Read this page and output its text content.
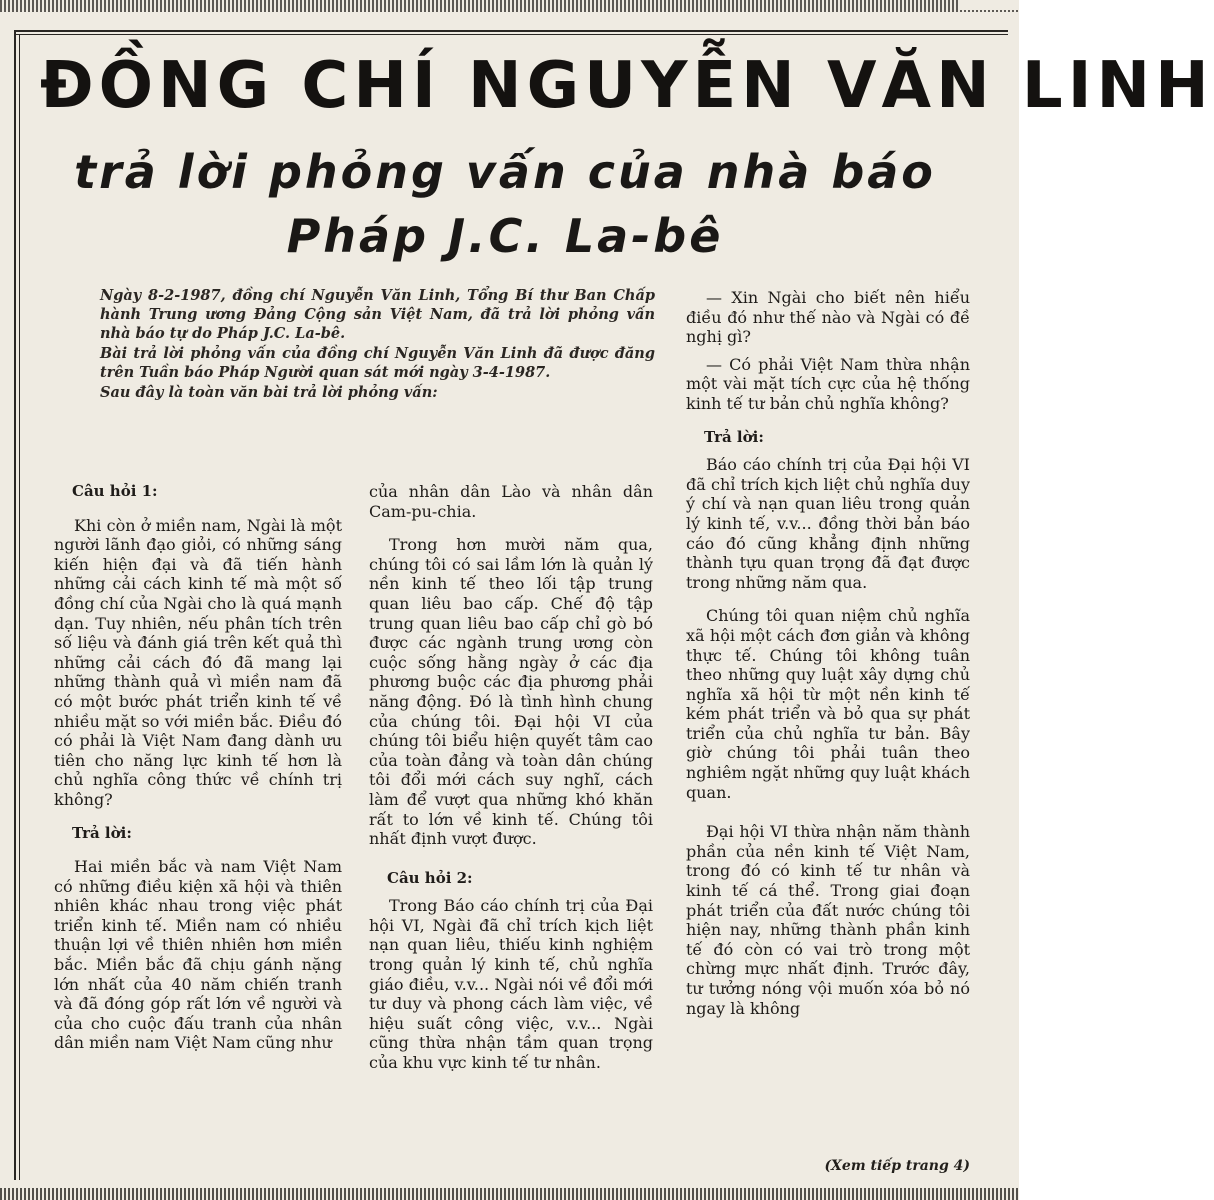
ĐỒNG CHÍ NGUYỄN VĂN LINH
trả lời phỏng vấn của nhà báo Pháp J.C. La-bê

Ngày 8-2-1987, đồng chí Nguyễn Văn Linh, Tổng Bí thư Ban Chấp hành Trung ương Đảng Cộng sản Việt Nam, đã trả lời phỏng vấn nhà báo tự do Pháp J.C. La-bê.

Bài trả lời phỏng vấn của đồng chí Nguyễn Văn Linh đã được đăng trên Tuần báo Pháp Người quan sát mới ngày 3-4-1987.

Sau đây là toàn văn bài trả lời phỏng vấn:

Câu hỏi 1:

Khi còn ở miền nam, Ngài là một người lãnh đạo giỏi, có những sáng kiến hiện đại và đã tiến hành những cải cách kinh tế mà một số đồng chí của Ngài cho là quá mạnh dạn. Tuy nhiên, nếu phân tích trên số liệu và đánh giá trên kết quả thì những cải cách đó đã mang lại những thành quả vì miền nam đã có một bước phát triển kinh tế về nhiều mặt so với miền bắc. Điều đó có phải là Việt Nam đang dành ưu tiên cho năng lực kinh tế hơn là chủ nghĩa công thức về chính trị không?

Trả lời:

Hai miền bắc và nam Việt Nam có những điều kiện xã hội và thiên nhiên khác nhau trong việc phát triển kinh tế. Miền nam có nhiều thuận lợi về thiên nhiên hơn miền bắc. Miền bắc đã chịu gánh nặng lớn nhất của 40 năm chiến tranh và đã đóng góp rất lớn về người và của cho cuộc đấu tranh của nhân dân miền nam Việt Nam cũng như

của nhân dân Lào và nhân dân Cam-pu-chia.

Trong hơn mười năm qua, chúng tôi có sai lầm lớn là quản lý nền kinh tế theo lối tập trung quan liêu bao cấp. Chế độ tập trung quan liêu bao cấp chỉ gò bó được các ngành trung ương còn cuộc sống hằng ngày ở các địa phương buộc các địa phương phải năng động. Đó là tình hình chung của chúng tôi. Đại hội VI của chúng tôi biểu hiện quyết tâm cao của toàn đảng và toàn dân chúng tôi đổi mới cách suy nghĩ, cách làm để vượt qua những khó khăn rất to lớn về kinh tế. Chúng tôi nhất định vượt được.

Câu hỏi 2:

Trong Báo cáo chính trị của Đại hội VI, Ngài đã chỉ trích kịch liệt nạn quan liêu, thiếu kinh nghiệm trong quản lý kinh tế, chủ nghĩa giáo điều, v.v... Ngài nói về đổi mới tư duy và phong cách làm việc, về hiệu suất công việc, v.v... Ngài cũng thừa nhận tầm quan trọng của khu vực kinh tế tư nhân.

— Xin Ngài cho biết nên hiểu điều đó như thế nào và Ngài có đề nghị gì?

— Có phải Việt Nam thừa nhận một vài mặt tích cực của hệ thống kinh tế tư bản chủ nghĩa không?

Trả lời:

Báo cáo chính trị của Đại hội VI đã chỉ trích kịch liệt chủ nghĩa duy ý chí và nạn quan liêu trong quản lý kinh tế, v.v... đồng thời bản báo cáo đó cũng khẳng định những thành tựu quan trọng đã đạt được trong những năm qua.

Chúng tôi quan niệm chủ nghĩa xã hội một cách đơn giản và không thực tế. Chúng tôi không tuân theo những quy luật xây dựng chủ nghĩa xã hội từ một nền kinh tế kém phát triển và bỏ qua sự phát triển của chủ nghĩa tư bản. Bây giờ chúng tôi phải tuân theo nghiêm ngặt những quy luật khách quan.

Đại hội VI thừa nhận năm thành phần của nền kinh tế Việt Nam, trong đó có kinh tế tư nhân và kinh tế cá thể. Trong giai đoạn phát triển của đất nước chúng tôi hiện nay, những thành phần kinh tế đó còn có vai trò trong một chừng mực nhất định. Trước đây, tư tưởng nóng vội muốn xóa bỏ nó ngay là không

(Xem tiếp trang 4)
